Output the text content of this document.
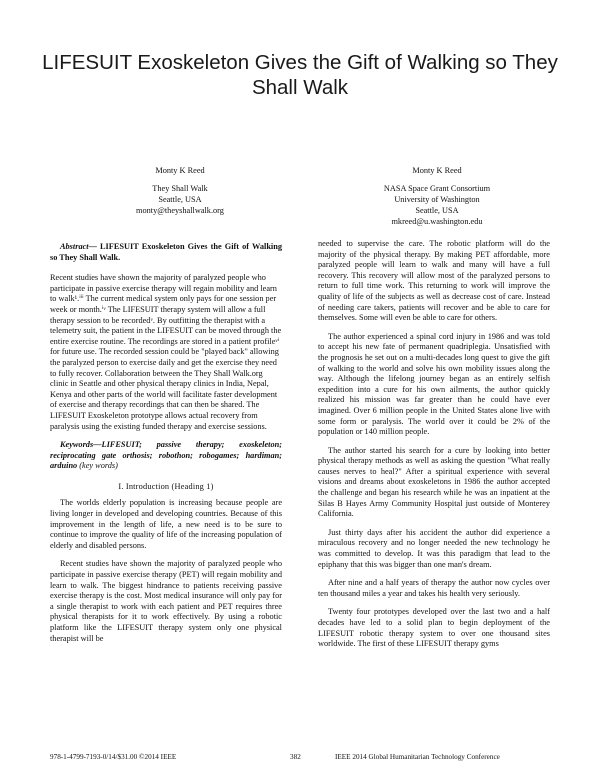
LIFESUIT Exoskeleton Gives the Gift of Walking so They Shall Walk
Monty K Reed
They Shall Walk
Seattle, USA
monty@theyshallwalk.org
Monty K Reed
NASA Space Grant Consortium
University of Washington
Seattle, USA
mkreed@u.washington.edu

Abstract— LIFESUIT Exoskeleton Gives the Gift of Walking so They Shall Walk.

Recent studies have shown the majority of paralyzed people who participate in passive exercise therapy will regain mobility and learn to walk¹.ⁱⁱⁱ The current medical system only pays for one session per week or month.ⁱᵛ The LIFESUIT therapy system will allow a full therapy session to be recordedᵛ. By outfitting the therapist with a telemetry suit, the patient in the LIFESUIT can be moved through the entire exercise routine. The recordings are stored in a patient profileᵛⁱ for future use. The recorded session could be "played back" allowing the paralyzed person to exercise daily and get the exercise they need to fully recover. Collaboration between the They Shall Walk.org clinic in Seattle and other physical therapy clinics in India, Nepal, Kenya and other parts of the world will facilitate faster development of exercise and therapy recordings that can then be shared. The LIFESUIT Exoskeleton prototype allows actual recovery from paralysis using the existing funded therapy and exercise sessions.

Keywords—LIFESUIT; passive therapy; exoskeleton; reciprocating gate orthosis; robothon; robogames; hardiman; arduino (key words)

I. Introduction (Heading 1)

The worlds elderly population is increasing because people are living longer in developed and developing countries. Because of this improvement in the length of life, a new need is to be sure to continue to improve the quality of life of the increasing population of elderly and disabled persons.

Recent studies have shown the majority of paralyzed people who participate in passive exercise therapy (PET) will regain mobility and learn to walk. The biggest hindrance to patients receiving passive exercise therapy is the cost. Most medical insurance will only pay for a single therapist to work with each patient and PET requires three physical therapists for it to work effectively. By using a robotic platform like the LIFESUIT therapy system only one physical therapist will be

needed to supervise the care. The robotic platform will do the majority of the physical therapy. By making PET affordable, more paralyzed people will learn to walk and many will have a full recovery. This recovery will allow most of the paralyzed persons to return to full time work. This returning to work will improve the quality of life of the subjects as well as decrease cost of care. Instead of needing care takers, patients will recover and be able to care for themselves. Some will even be able to care for others.

The author experienced a spinal cord injury in 1986 and was told to accept his new fate of permanent quadriplegia. Unsatisfied with the prognosis he set out on a multi-decades long quest to give the gift of walking to the world and solve his own mobility issues along the way. Although the lifelong journey began as an entirely selfish expedition into a cure for his own ailments, the author quickly realized his mission was far greater than he could have ever imagined. Over 6 million people in the United States alone live with some form or paralysis. The world over it could be 2% of the population or 140 million people.

The author started his search for a cure by looking into better physical therapy methods as well as asking the question "What really causes nerves to heal?" After a spiritual experience with several visions and dreams about exoskeletons in 1986 the author accepted the challenge and began his research while he was an inpatient at the Silas B Hayes Army Community Hospital just outside of Monterey California.

Just thirty days after his accident the author did experience a miraculous recovery and no longer needed the new technology he was committed to develop. It was this paradigm that lead to the epiphany that this was bigger than one man's dream.

After nine and a half years of therapy the author now cycles over ten thousand miles a year and takes his health very seriously.

Twenty four prototypes developed over the last two and a half decades have led to a solid plan to begin deployment of the LIFESUIT robotic therapy system to over one thousand sites worldwide. The first of these LIFESUIT therapy gyms

978-1-4799-7193-0/14/$31.00 ©2014 IEEE	382	IEEE 2014 Global Humanitarian Technology Conference
